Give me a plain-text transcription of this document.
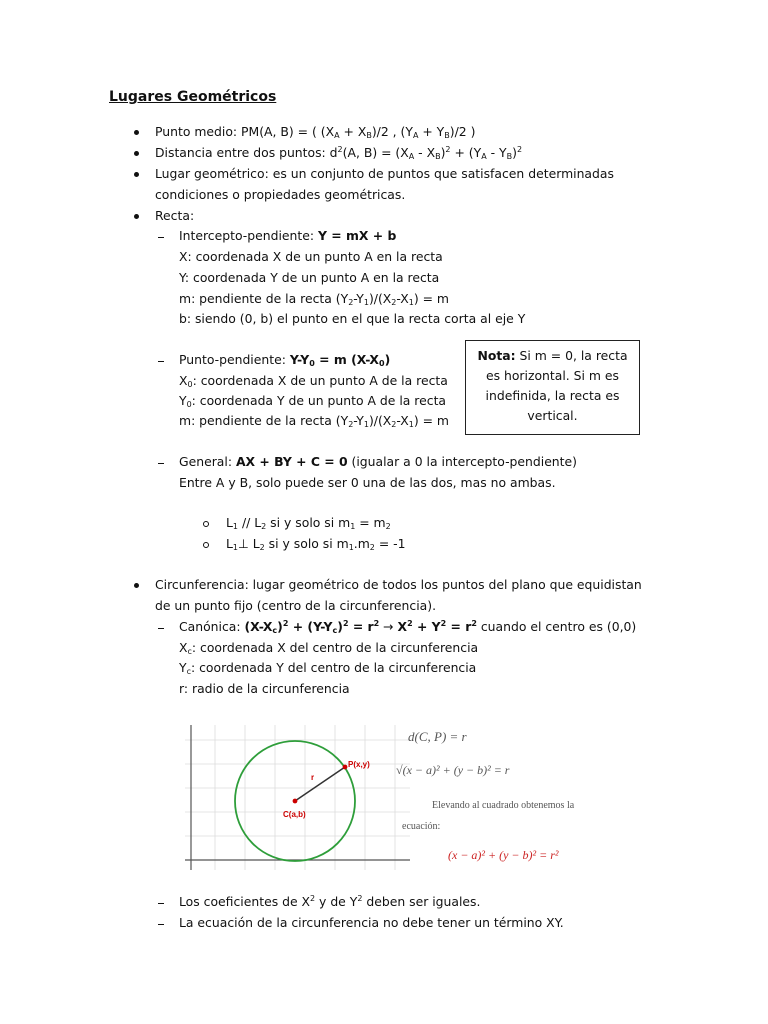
Lugares Geométricos
Punto medio: PM(A, B) = ( $(X_A + X_B)/2$ , $(Y_A + Y_B)/2$ )
Distancia entre dos puntos: $d^2(A$, $B) = (X_A - X_B)^2 + (Y_A - Y_B)^2$
Lugar geométrico: es un conjunto de puntos que satisfacen determinadas
condiciones o propiedades geométricas.
Recta:
Intercepto-pendiente: Y = mX + b
X: coordenada X de un punto A en la recta
Y: coordenada Y de un punto A en la recta
m: pendiente de la recta $(Y_2-Y_1)/(X_2-X_1) = m$
b: siendo (0, b) el punto en el que la recta corta al eje Y
Punto-pendiente: $Y-Y_0 = m$ $(X-X_0)$
$X_0$: coordenada X de un punto A de la recta
$Y_0$: coordenada Y de un punto A de la recta
m: pendiente de la recta $(Y_2-Y_1)/(X_2-X_1) = m$
Nota: Si m = 0, la recta
es horizontal. Si m es
indefinida, la recta es
vertical.
General: AX + BY + C = 0 (igualar a 0 la intercepto-pendiente)
Entre A y B, solo puede ser 0 una de las dos, mas no ambas.
$L_1 // L_2$ si y solo si $m_1 = m_2$
$L_1\perp$ $L_2$ si y solo si $m_1.m_2 = -1$
Circunferencia: lugar geométrico de todos los puntos del plano que equidistan
de un punto fijo (centro de la circunferencia).
Canónica: $(X-X_c)^2 + (Y-Y_c)^2 = r^2 \to X^2 + Y^2 = r^2$ cuando el centro es (0,0)
$X_c$: coordenada X del centro de la circunferencia
$Y_c$: coordenada Y del centro de la circunferencia
r: radio de la circunferencia
P(x,y)
r
C(a,b)
d(C, P) = r
√(x − a)² + (y − b)² = r
Elevando al cuadrado obtenemos la
ecuación:
(x − a)² + (y − b)² = r²
Los coeficientes de $X^2$ y de $Y^2$ deben ser iguales.
La ecuación de la circunferencia no debe tener un término XY.
